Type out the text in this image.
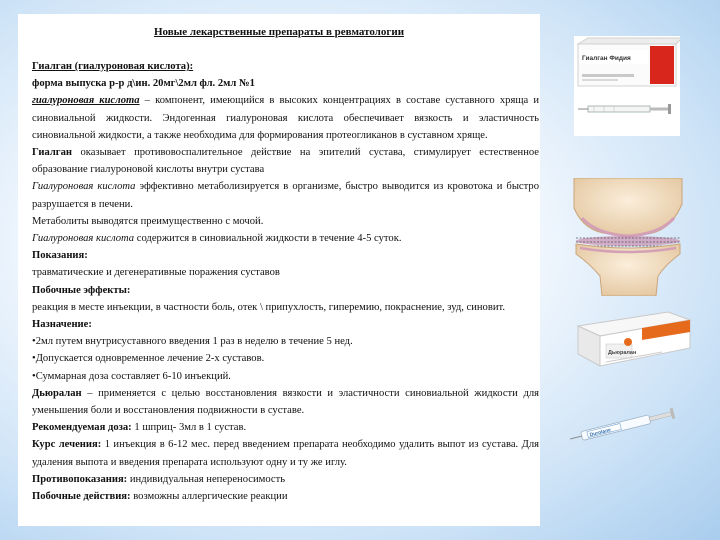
Новые лекарственные препараты в ревматологии

Гиалган (гиалуроновая кислота):

форма выпуска р-р д\ин. 20мг\2мл фл. 2мл №1

гиалуроновая кислота – компонент, имеющийся в высоких концентрациях в составе суставного хряща и синовиальной жидкости. Эндогенная гиалуроновая кислота обеспечивает вязкость и эластичность синовиальной жидкости, а также необходима для формирования протеогликанов в суставном хряще.

Гиалган оказывает противовоспалительное действие на эпителий сустава, стимулирует естественное образование гиалуроновой кислоты внутри сустава

Гиалуроновая кислота эффективно метаболизируется в организме, быстро выводится из кровотока и быстро разрушается в печени.

Метаболиты выводятся преимущественно с мочой.

Гиалуроновая кислота содержится в синовиальной жидкости в течение 4-5 суток.

Показания:

травматические и дегенеративные поражения суставов

Побочные эффекты:

реакция в месте инъекции, в частности боль, отек \ припухлость, гиперемию, покраснение, зуд, синовит.

Назначение:

•2мл путем внутрисуставного введения 1 раз в неделю в течение 5 нед.

•Допускается одновременное лечение 2-х суставов.

•Суммарная доза составляет 6-10 инъекций.

Дьюралан – применяется с целью восстановления вязкости и эластичности синовиальной жидкости для уменьшения боли и восстановления подвижности в суставе.

Рекомендуемая доза: 1 шприц- 3мл в 1 сустав.

Курс лечения: 1 инъекция в 6-12 мес. перед введением препарата необходимо удалить выпот из сустава. Для удаления выпота и введения препарата используют одну и ту же иглу.

Противопоказания: индивидуальная непереносимость

Побочные действия: возможны аллергические реакции

Гиалган Фидия
Дьюралан
Durolane
